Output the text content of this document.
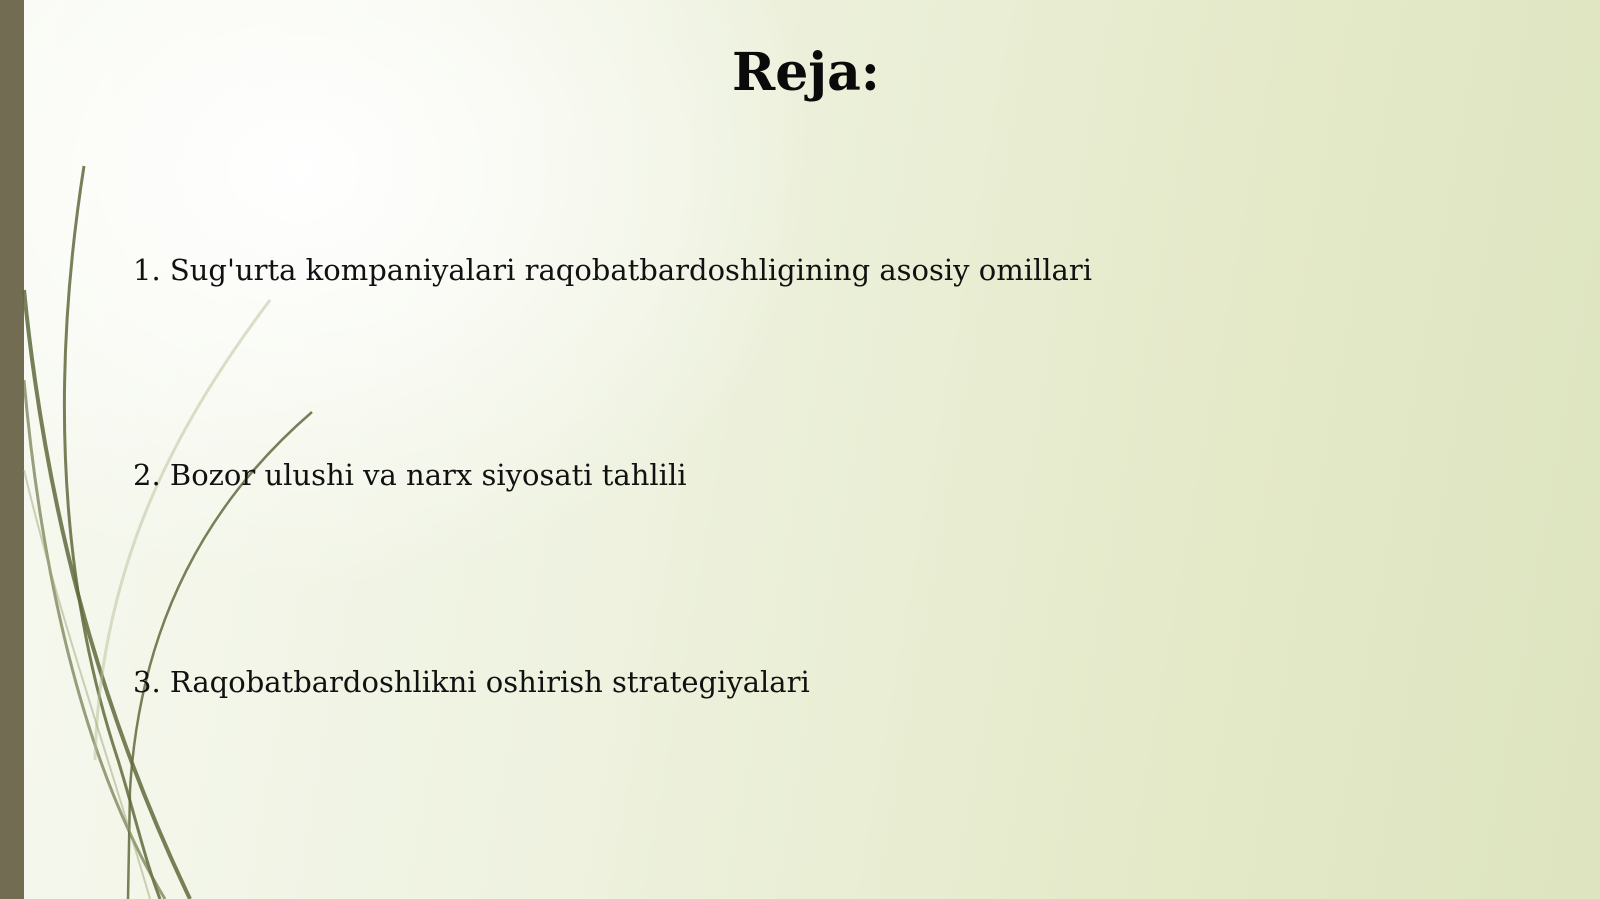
Reja:
1. Sug'urta kompaniyalari raqobatbardoshligining asosiy omillari
2. Bozor ulushi va narx siyosati tahlili
3. Raqobatbardoshlikni oshirish strategiyalari
